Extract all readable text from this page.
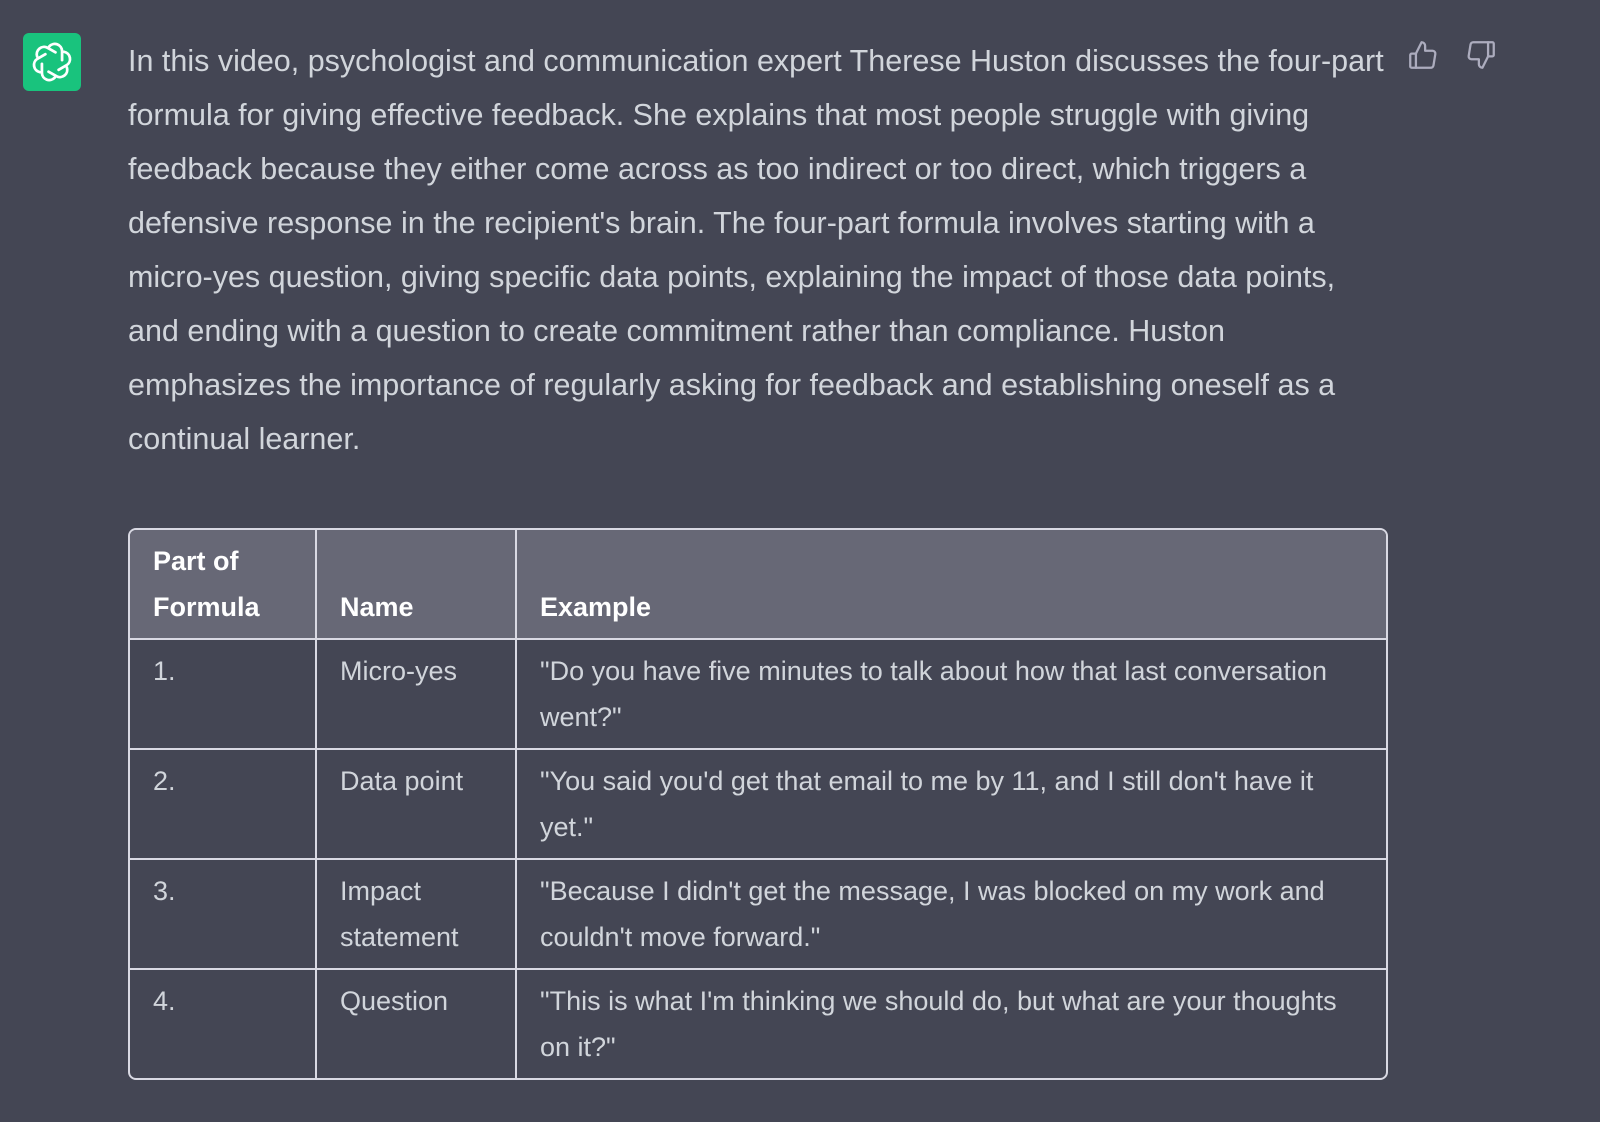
In this video, psychologist and communication expert Therese Huston discusses the four-part formula for giving effective feedback. She explains that most people struggle with giving feedback because they either come across as too indirect or too direct, which triggers a defensive response in the recipient's brain. The four-part formula involves starting with a micro-yes question, giving specific data points, explaining the impact of those data points, and ending with a question to create commitment rather than compliance. Huston emphasizes the importance of regularly asking for feedback and establishing oneself as a continual learner.

Part of Formula	Name	Example
1.	Micro-yes	"Do you have five minutes to talk about how that last conversation went?"
2.	Data point	"You said you'd get that email to me by 11, and I still don't have it yet."
3.	Impact statement	"Because I didn't get the message, I was blocked on my work and couldn't move forward."
4.	Question	"This is what I'm thinking we should do, but what are your thoughts on it?"
